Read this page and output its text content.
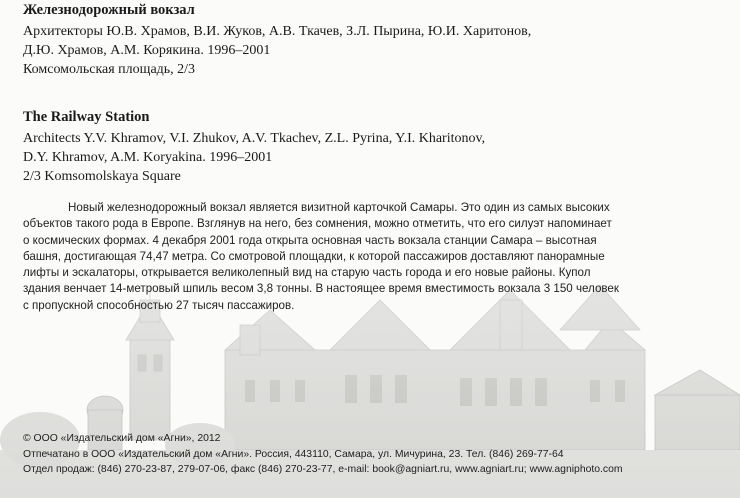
Железнодорожный вокзал

Архитекторы Ю.В. Храмов, В.И. Жуков, А.В. Ткачев, З.Л. Пырина, Ю.И. Харитонов,

Д.Ю. Храмов, А.М. Корякина. 1996–2001

Комсомольская площадь, 2/3

The Railway Station

Architects Y.V. Khramov, V.I. Zhukov, A.V. Tkachev, Z.L. Pyrina, Y.I. Kharitonov,

D.Y. Khramov, A.M. Koryakina. 1996–2001

2/3 Komsomolskaya Square

Новый железнодорожный вокзал является визитной карточкой Самары. Это один из самых высоких
объектов такого рода в Европе. Взглянув на него, без сомнения, можно отметить, что его силуэт напоминает
о космических формах. 4 декабря 2001 года открыта основная часть вокзала станции Самара – высотная
башня, достигающая 74,47 метра. Со смотровой площадки, к которой пассажиров доставляют панорамные
лифты и эскалаторы, открывается великолепный вид на старую часть города и его новые районы. Купол
здания венчает 14-метровый шпиль весом 3,8 тонны. В настоящее время вместимость вокзала 3 150 человек
с пропускной способностью 27 тысяч пассажиров.
© ООО «Издательский дом «Агни», 2012
Отпечатано в ООО «Издательский дом «Агни». Россия, 443110, Самара, ул. Мичурина, 23. Тел. (846) 269-77-64
Отдел продаж: (846) 270-23-87, 279-07-06, факс (846) 270-23-77, e-mail: book@agniart.ru, www.agniart.ru; www.agniphoto.com
